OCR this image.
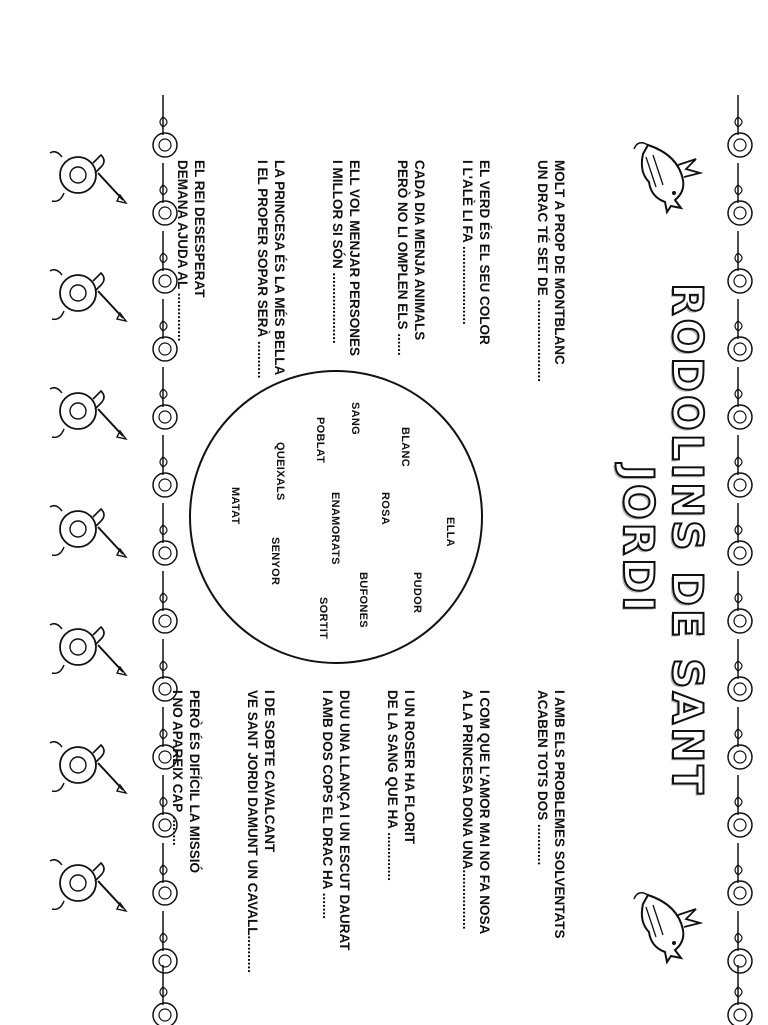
RODOLINS DE SANT JORDI
MOLT A PROP DE MONTBLANC
UN DRAC TÉ SET DE ......................
EL VERD ÉS EL SEU COLOR
I L'ALÈ LI FA .....................
CADA DIA MENJA ANIMALS
PERÒ NO LI OMPLEN ELS ......
ELL VOL MENJAR PERSONES
I MILLOR SI SÓN ...................
LA PRINCESA ÉS LA MÉS BELLA
I EL PROPER SOPAR SERÀ ..........
EL REI DESESPERAT
DEMANA AJUDA AL .............
ELLA
PUDOR
BLANC
ROSA
BUFONES
SANG
ENAMORATS
SORTIT
POBLAT
QUEIXALS
SENYOR
MATAT
I AMB ELS PROBLEMES SOLVENTATS
ACABEN TOTS DOS ...........
I COM QUE L'AMOR MAI NO FA NOSA
A LA PRINCESA DONA UNA................
I UN ROSER HA FLORIT
DE LA SANG QUE HA .............
DUU UNA LLANÇA I UN ESCUT DAURAT
I AMB DOS COPS EL DRAC HA .......
I DE SOBTE CAVALCANT
VE SANT JORDI DAMUNT UN CAVALL..........
PERÒ ÉS DIFÍCIL LA MISSIÓ
I NO APAREIX CAP ........
